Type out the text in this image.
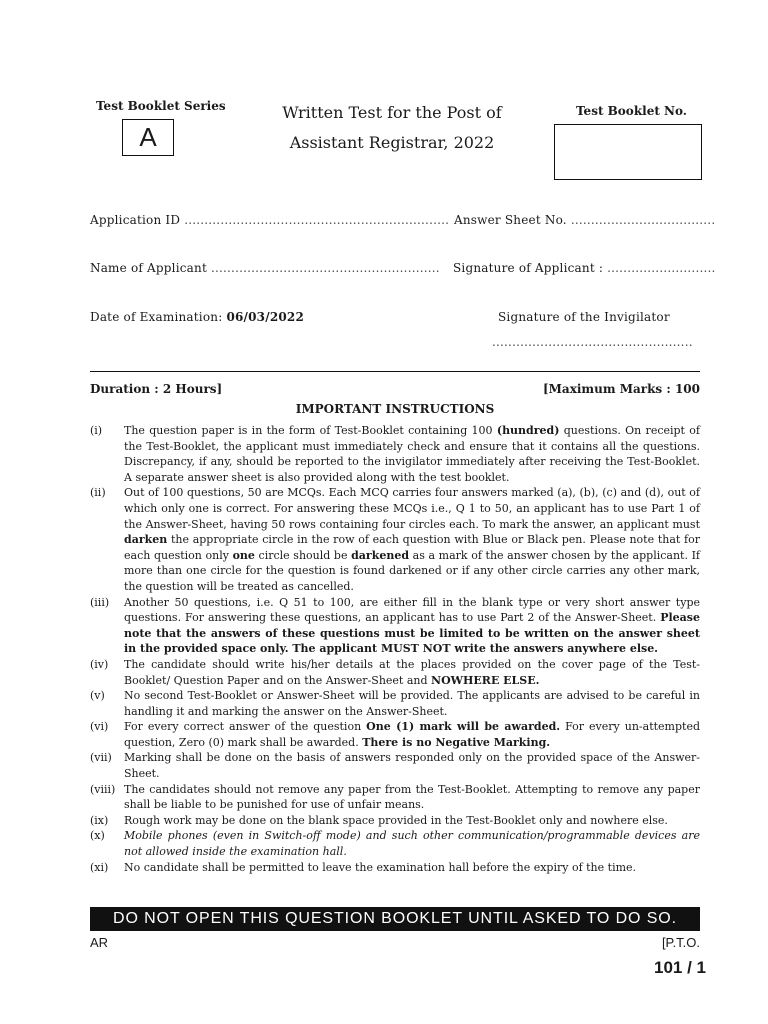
Test Booklet Series
A
Written Test for the Post of
Assistant Registrar, 2022
Test Booklet No.
Application ID .................................................................. Answer Sheet No. ....................................
Name of Applicant ......................................................... Signature of Applicant : ...........................
Date of Examination: 06/03/2022	Signature of the Invigilator
..................................................
Duration : 2 Hours]	[Maximum Marks : 100
IMPORTANT INSTRUCTIONS
(i)	The question paper is in the form of Test-Booklet containing 100 (hundred) questions. On receipt of the Test-Booklet, the applicant must immediately check and ensure that it contains all the questions. Discrepancy, if any, should be reported to the invigilator immediately after receiving the Test-Booklet. A separate answer sheet is also provided along with the test booklet.
(ii)	Out of 100 questions, 50 are MCQs. Each MCQ carries four answers marked (a), (b), (c) and (d), out of which only one is correct. For answering these MCQs i.e., Q 1 to 50, an applicant has to use Part 1 of the Answer-Sheet, having 50 rows containing four circles each. To mark the answer, an applicant must darken the appropriate circle in the row of each question with Blue or Black pen. Please note that for each question only one circle should be darkened as a mark of the answer chosen by the applicant. If more than one circle for the question is found darkened or if any other circle carries any other mark, the question will be treated as cancelled.
(iii)	Another 50 questions, i.e. Q 51 to 100, are either fill in the blank type or very short answer type questions. For answering these questions, an applicant has to use Part 2 of the Answer-Sheet. Please note that the answers of these questions must be limited to be written on the answer sheet in the provided space only. The applicant MUST NOT write the answers anywhere else.
(iv)	The candidate should write his/her details at the places provided on the cover page of the Test-Booklet/ Question Paper and on the Answer-Sheet and NOWHERE ELSE.
(v)	No second Test-Booklet or Answer-Sheet will be provided. The applicants are advised to be careful in handling it and marking the answer on the Answer-Sheet.
(vi)	For every correct answer of the question One (1) mark will be awarded. For every un-attempted question, Zero (0) mark shall be awarded. There is no Negative Marking.
(vii)	Marking shall be done on the basis of answers responded only on the provided space of the Answer-Sheet.
(viii) The candidates should not remove any paper from the Test-Booklet. Attempting to remove any paper shall be liable to be punished for use of unfair means.
(ix)	Rough work may be done on the blank space provided in the Test-Booklet only and nowhere else.
(x)	Mobile phones (even in Switch-off mode) and such other communication/programmable devices are not allowed inside the examination hall.
(xi)	No candidate shall be permitted to leave the examination hall before the expiry of the time.
DO NOT OPEN THIS QUESTION BOOKLET UNTIL ASKED TO DO SO.
AR	[P.T.O.
101 / 1
